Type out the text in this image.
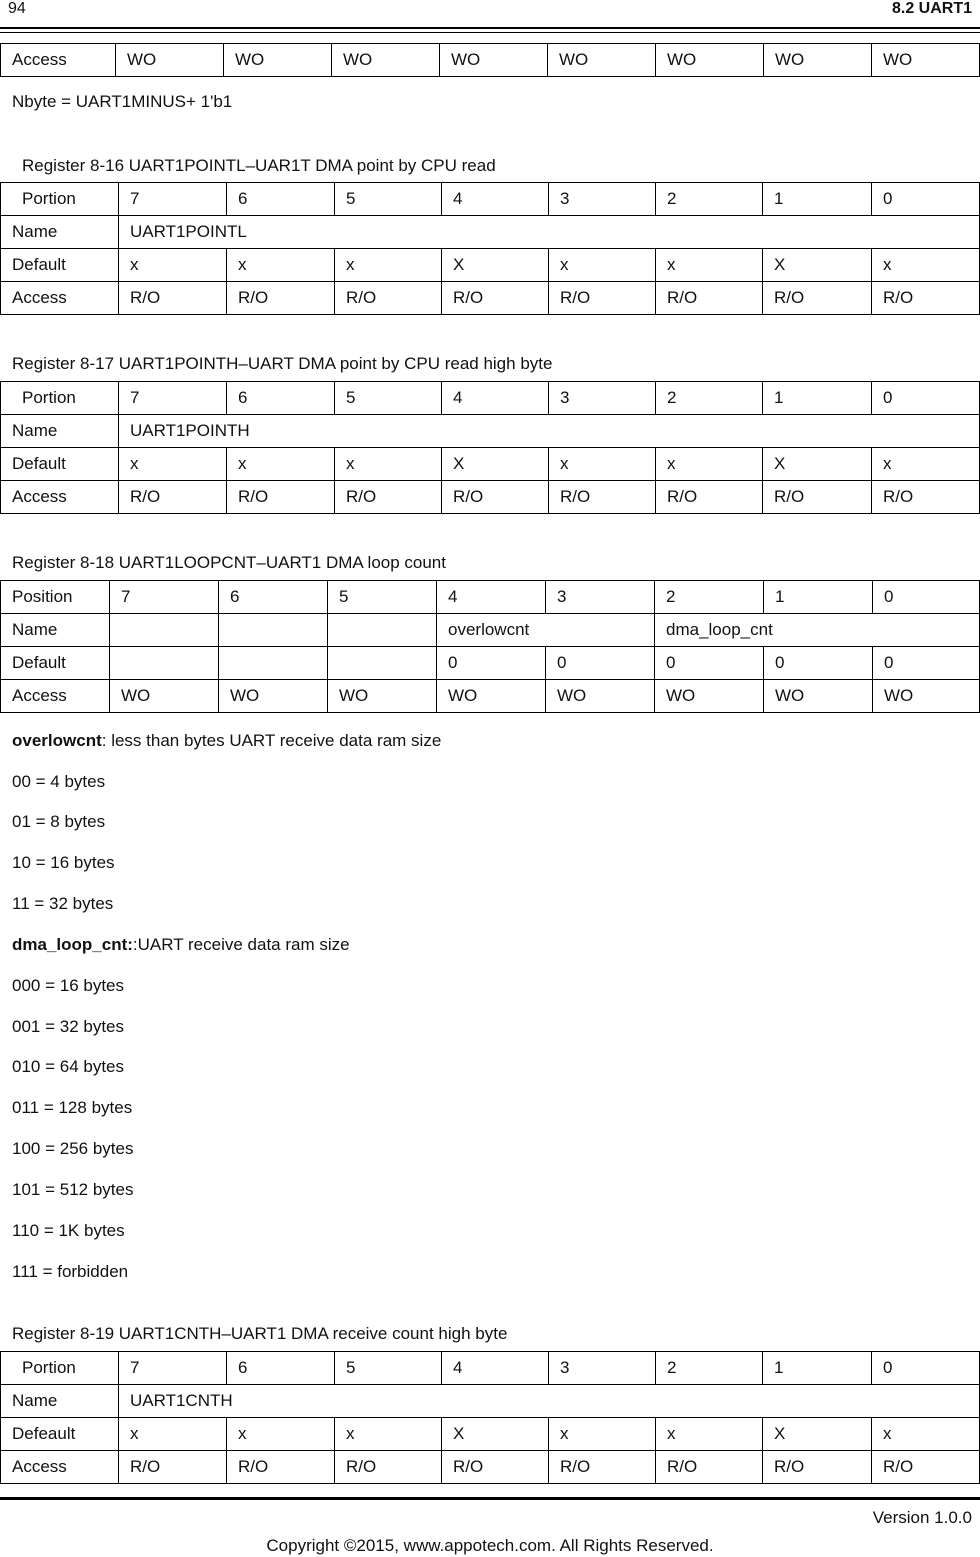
94	8.2 UART1
Access	WO	WO	WO	WO	WO	WO	WO	WO
Nbyte = UART1MINUS+ 1'b1
Register 8-16 UART1POINTL–UAR1T DMA point by CPU read
Portion	7	6	5	4	3	2	1	0
Name	UART1POINTL							
Default	x	x	x	X	x	x	X	x
Access	R/O	R/O	R/O	R/O	R/O	R/O	R/O	R/O
Register 8-17 UART1POINTH–UART DMA point by CPU read high byte
Portion	7	6	5	4	3	2	1	0
Name	UART1POINTH							
Default	x	x	x	X	x	x	X	x
Access	R/O	R/O	R/O	R/O	R/O	R/O	R/O	R/O
Register 8-18 UART1LOOPCNT–UART1 DMA loop count
Position	7	6	5	4	3	2	1	0
Name				overlowcnt		dma_loop_cnt		
Default				0	0	0	0	0
Access	WO	WO	WO	WO	WO	WO	WO	WO
overlowcnt: less than bytes UART receive data ram size
00 = 4 bytes
01 = 8 bytes
10 = 16 bytes
11 = 32 bytes
dma_loop_cnt::UART receive data ram size
000 = 16 bytes
001 = 32 bytes
010 = 64 bytes
011 = 128 bytes
100 = 256 bytes
101 = 512 bytes
110 = 1K bytes
111 = forbidden
Register 8-19 UART1CNTH–UART1 DMA receive count high byte
Portion	7	6	5	4	3	2	1	0
Name	UART1CNTH							
Defeault	x	x	x	X	x	x	X	x
Access	R/O	R/O	R/O	R/O	R/O	R/O	R/O	R/O
Version 1.0.0
Copyright ©2015, www.appotech.com. All Rights Reserved.
